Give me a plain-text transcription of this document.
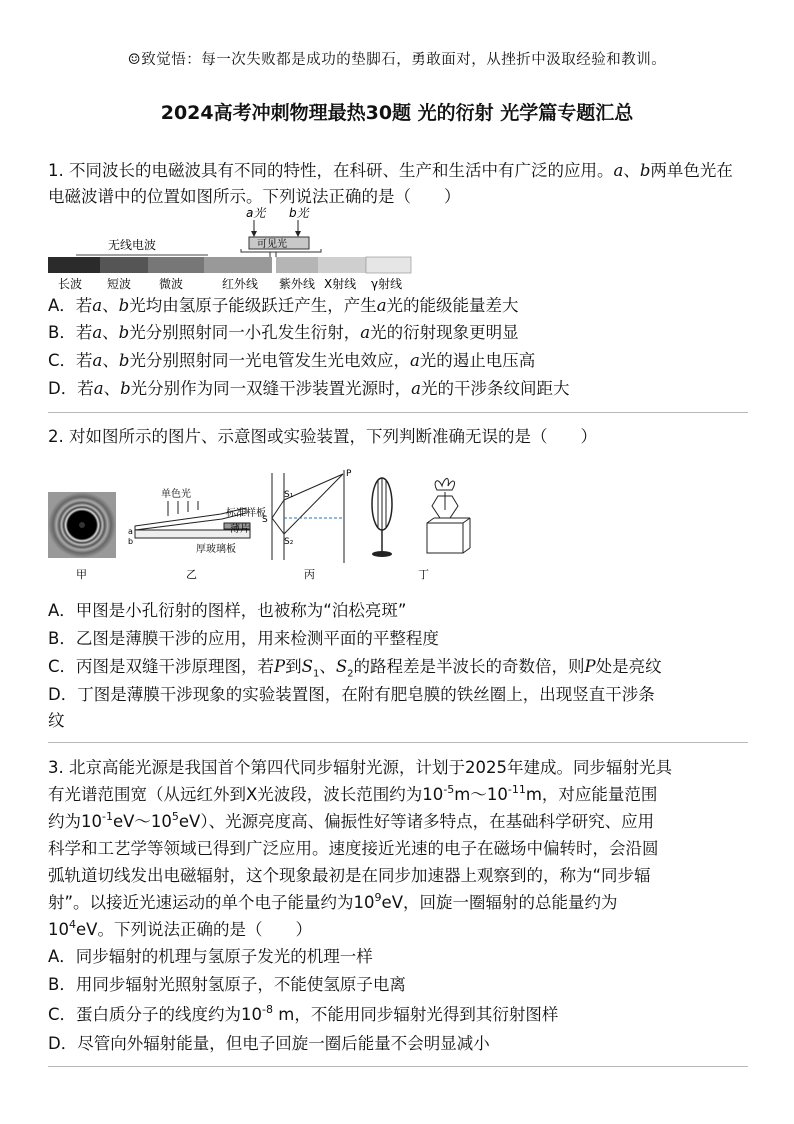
☺致觉悟：每一次失败都是成功的垫脚石，勇敢面对，从挫折中汲取经验和教训。
2024高考冲刺物理最热30题 光的衍射 光学篇专题汇总
1. 不同波长的电磁波具有不同的特性，在科研、生产和生活中有广泛的应用。a、b两单色光在电磁波谱中的位置如图所示。下列说法正确的是（　　）
a光 b光
可见光
无线电波
长波 短波 微波	红外线 紫外线 X射线 γ射线
A．若a、b光均由氢原子能级跃迁产生，产生a光的能级能量差大
B．若a、b光分别照射同一小孔发生衍射，a光的衍射现象更明显
C．若a、b光分别照射同一光电管发生光电效应，a光的遏止电压高
D．若a、b光分别作为同一双缝干涉装置光源时，a光的干涉条纹间距大
2. 对如图所示的图片、示意图或实验装置，下列判断准确无误的是（　　）
甲
单色光
标准样板
薄片
厚玻璃板
a
b
乙
S₁
S
S₂
P
丙	丁
A．甲图是小孔衍射的图样，也被称为“泊松亮斑”
B．乙图是薄膜干涉的应用，用来检测平面的平整程度
C．丙图是双缝干涉原理图，若P到$S_1$、$S_2$的路程差是半波长的奇数倍，则P处是亮纹
D．丁图是薄膜干涉现象的实验装置图，在附有肥皂膜的铁丝圈上，出现竖直干涉条
纹
3. 北京高能光源是我国首个第四代同步辐射光源，计划于2025年建成。同步辐射光具
有光谱范围宽（从远红外到X光波段，波长范围约为$10^{-5}m\sim 10^{-11}m$，对应能量范围
约为$10^{-1}eV\sim 10^5eV$）、光源亮度高、偏振性好等诸多特点，在基础科学研究、应用
科学和工艺学等领域已得到广泛应用。速度接近光速的电子在磁场中偏转时，会沿圆
弧轨道切线发出电磁辐射，这个现象最初是在同步加速器上观察到的，称为“同步辐
射”。以接近光速运动的单个电子能量约为$10^9eV$，回旋一圈辐射的总能量约为
$10^4eV$。下列说法正确的是（　　）
A．同步辐射的机理与氢原子发光的机理一样
B．用同步辐射光照射氢原子，不能使氢原子电离
C．蛋白质分子的线度约为$10^{-8}$ m，不能用同步辐射光得到其衍射图样
D．尽管向外辐射能量，但电子回旋一圈后能量不会明显减小
